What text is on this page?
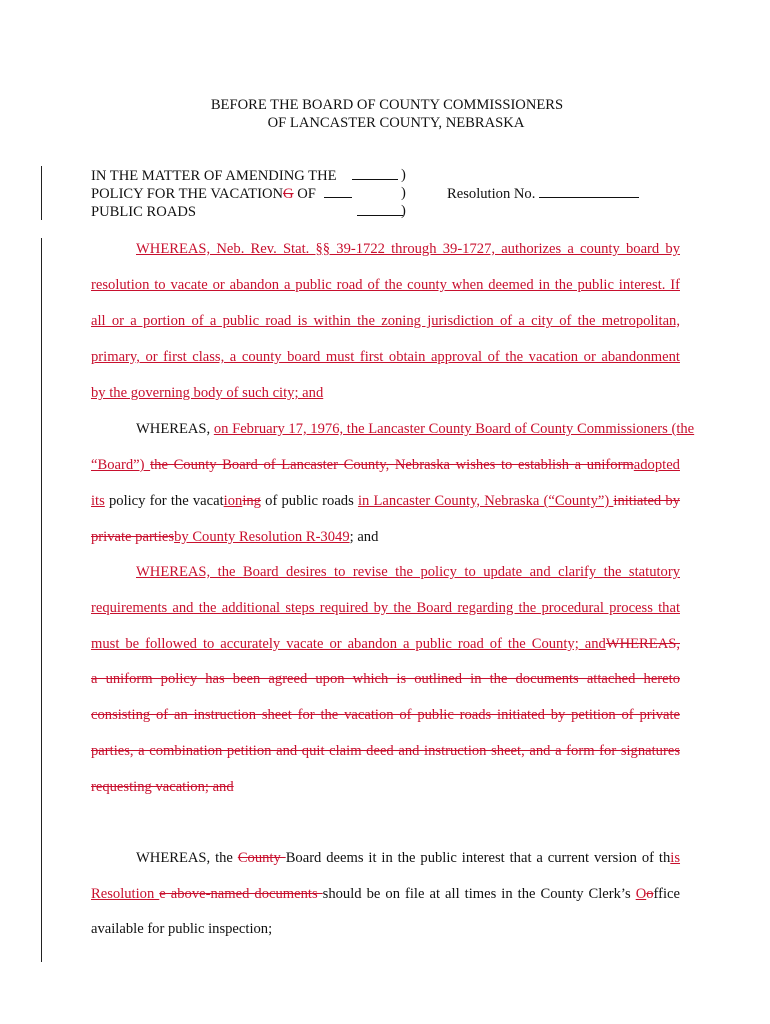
BEFORE THE BOARD OF COUNTY COMMISSIONERS
OF LANCASTER COUNTY, NEBRASKA
IN THE MATTER OF AMENDING THE
POLICY FOR THE VACATIONG OF
PUBLIC ROADS
)
)
)
Resolution No.
WHEREAS, Neb. Rev. Stat. §§ 39-1722 through 39-1727, authorizes a county board by
resolution to vacate or abandon a public road of the county when deemed in the public interest. If
all or a portion of a public road is within the zoning jurisdiction of a city of the metropolitan,
primary, or first class, a county board must first obtain approval of the vacation or abandonment
by the governing body of such city; and
WHEREAS, on February 17, 1976, the Lancaster County Board of County Commissioners (the
“Board”) the County Board of Lancaster County, Nebraska wishes to establish a uniformadopted
its policy for the vacationing of public roads in Lancaster County, Nebraska (“County”) initiated by
private partiesby County Resolution R-3049; and
WHEREAS, the Board desires to revise the policy to update and clarify the statutory
requirements and the additional steps required by the Board regarding the procedural process that
must be followed to accurately vacate or abandon a public road of the County; andWHEREAS,
a uniform policy has been agreed upon which is outlined in the documents attached hereto
consisting of an instruction sheet for the vacation of public roads initiated by petition of private
parties, a combination petition and quit claim deed and instruction sheet, and a form for signatures
requesting vacation; and
WHEREAS, the County Board deems it in the public interest that a current version of this
Resolution e above-named documents should be on file at all times in the County Clerk’s Ooffice
available for public inspection;
